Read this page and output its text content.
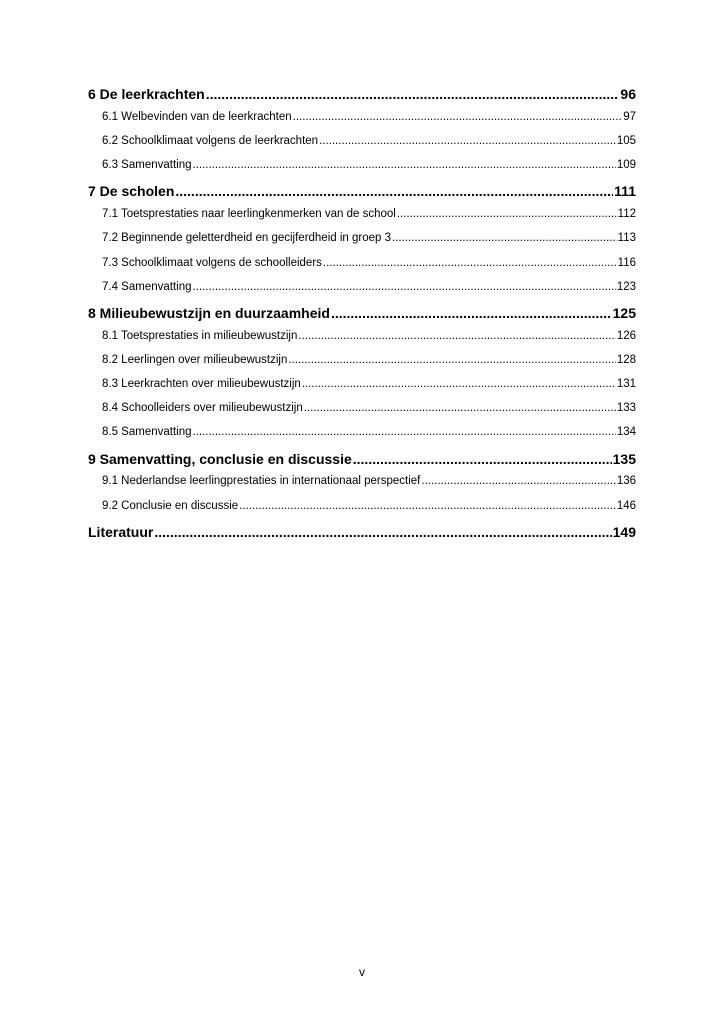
6 De leerkrachten .....	96
6.1 Welbevinden van de leerkrachten .....	97
6.2 Schoolklimaat volgens de leerkrachten .....	105
6.3 Samenvatting .....	109
7 De scholen .....	111
7.1 Toetsprestaties naar leerlingkenmerken van de school .....	112
7.2 Beginnende geletterdheid en gecijferdheid in groep 3 .....	113
7.3 Schoolklimaat volgens de schoolleiders .....	116
7.4 Samenvatting .....	123
8 Milieubewustzijn en duurzaamheid .....	125
8.1 Toetsprestaties in milieubewustzijn .....	126
8.2 Leerlingen over milieubewustzijn .....	128
8.3 Leerkrachten over milieubewustzijn .....	131
8.4 Schoolleiders over milieubewustzijn .....	133
8.5 Samenvatting .....	134
9 Samenvatting, conclusie en discussie .....	135
9.1 Nederlandse leerlingprestaties in internationaal perspectief .....	136
9.2 Conclusie en discussie .....	146
Literatuur .....	149
v
